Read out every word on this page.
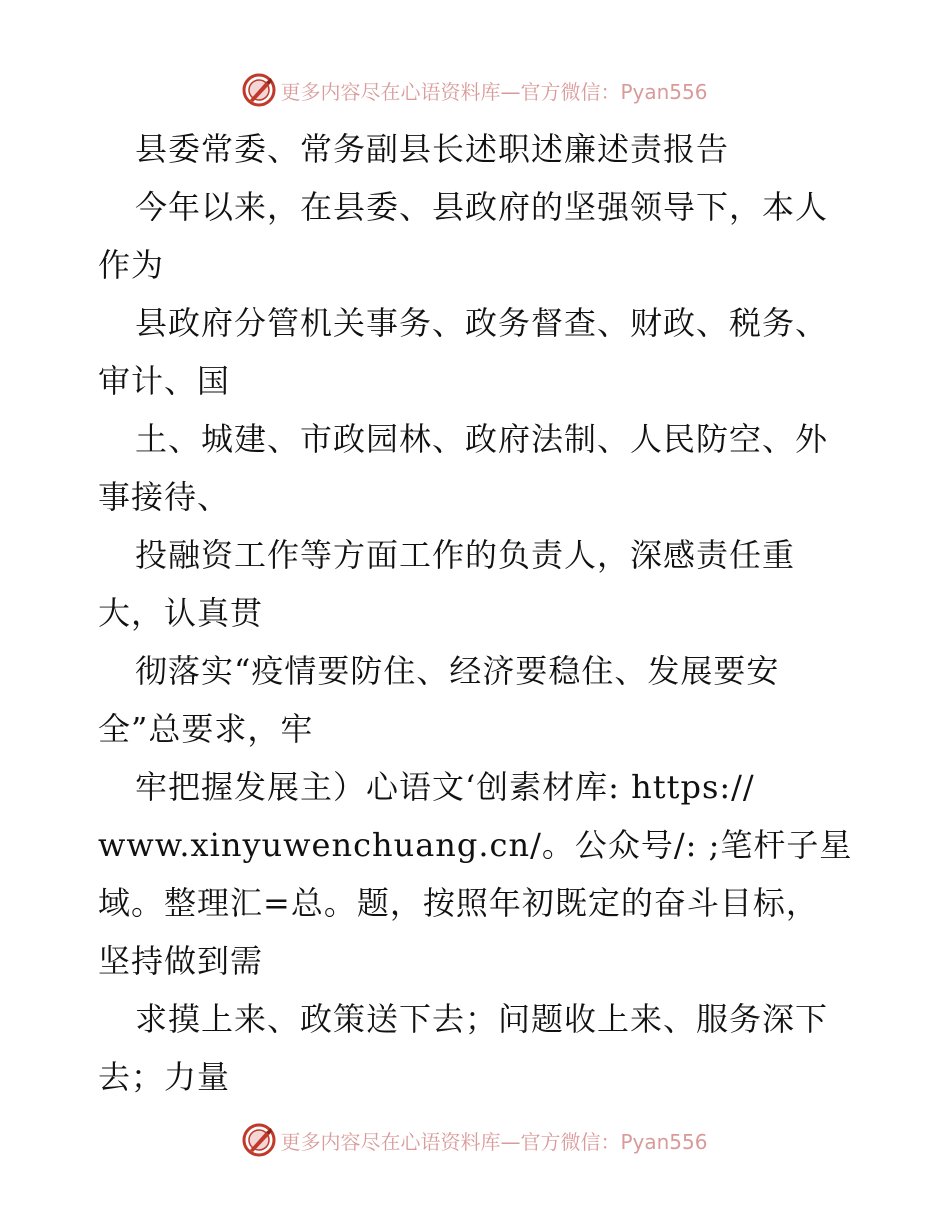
更多内容尽在心语资料库—官方微信：Pyan556
县委常委、常务副县长述职述廉述责报告
今年以来，在县委、县政府的坚强领导下，本人
作为
县政府分管机关事务、政务督查、财政、税务、
审计、国
土、城建、市政园林、政府法制、人民防空、外
事接待、
投融资工作等方面工作的负责人，深感责任重
大，认真贯
彻落实“疫情要防住、经济要稳住、发展要安
全”总要求，牢
牢把握发展主）心语文‘创素材库: https://
www.xinyuwenchuang.cn/。公众号/: ;笔杆子星
域。整理汇=总。题，按照年初既定的奋斗目标，
坚持做到需
求摸上来、政策送下去；问题收上来、服务深下
去；力量
更多内容尽在心语资料库—官方微信：Pyan556
